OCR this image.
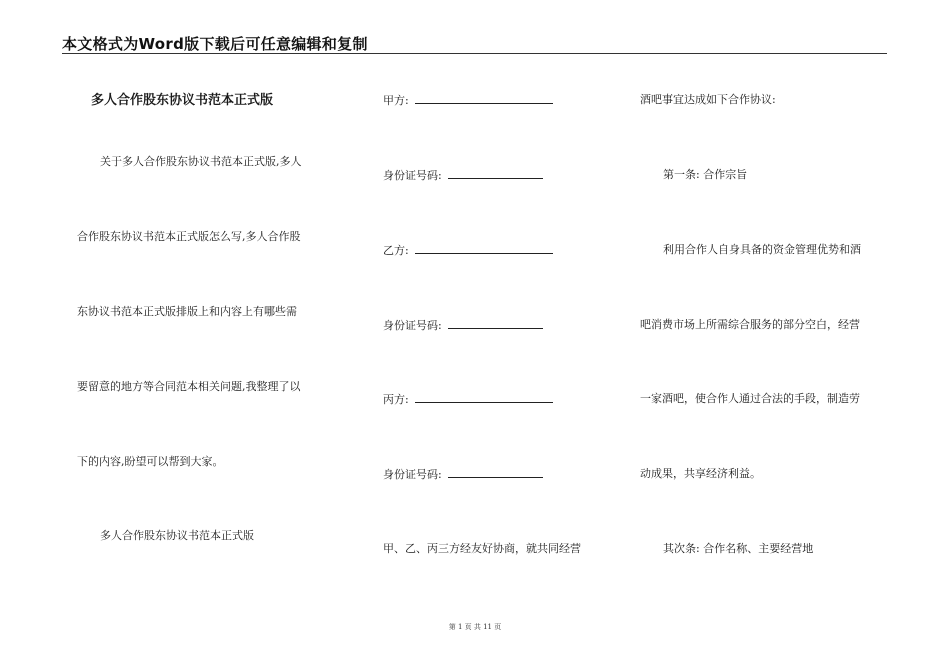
本文格式为Word版下载后可任意编辑和复制
多人合作股东协议书范本正式版
关于多人合作股东协议书范本正式版,多人
合作股东协议书范本正式版怎么写,多人合作股
东协议书范本正式版排版上和内容上有哪些需
要留意的地方等合同范本相关问题,我整理了以
下的内容,盼望可以帮到大家。
多人合作股东协议书范本正式版
甲方:
身份证号码:
乙方:
身份证号码:
丙方:
身份证号码:
甲、乙、丙三方经友好协商，就共同经营
酒吧事宜达成如下合作协议:
第一条: 合作宗旨
利用合作人自身具备的资金管理优势和酒
吧消费市场上所需综合服务的部分空白，经营
一家酒吧，使合作人通过合法的手段，制造劳
动成果，共享经济利益。
其次条: 合作名称、主要经营地
第 1 页 共 11 页
